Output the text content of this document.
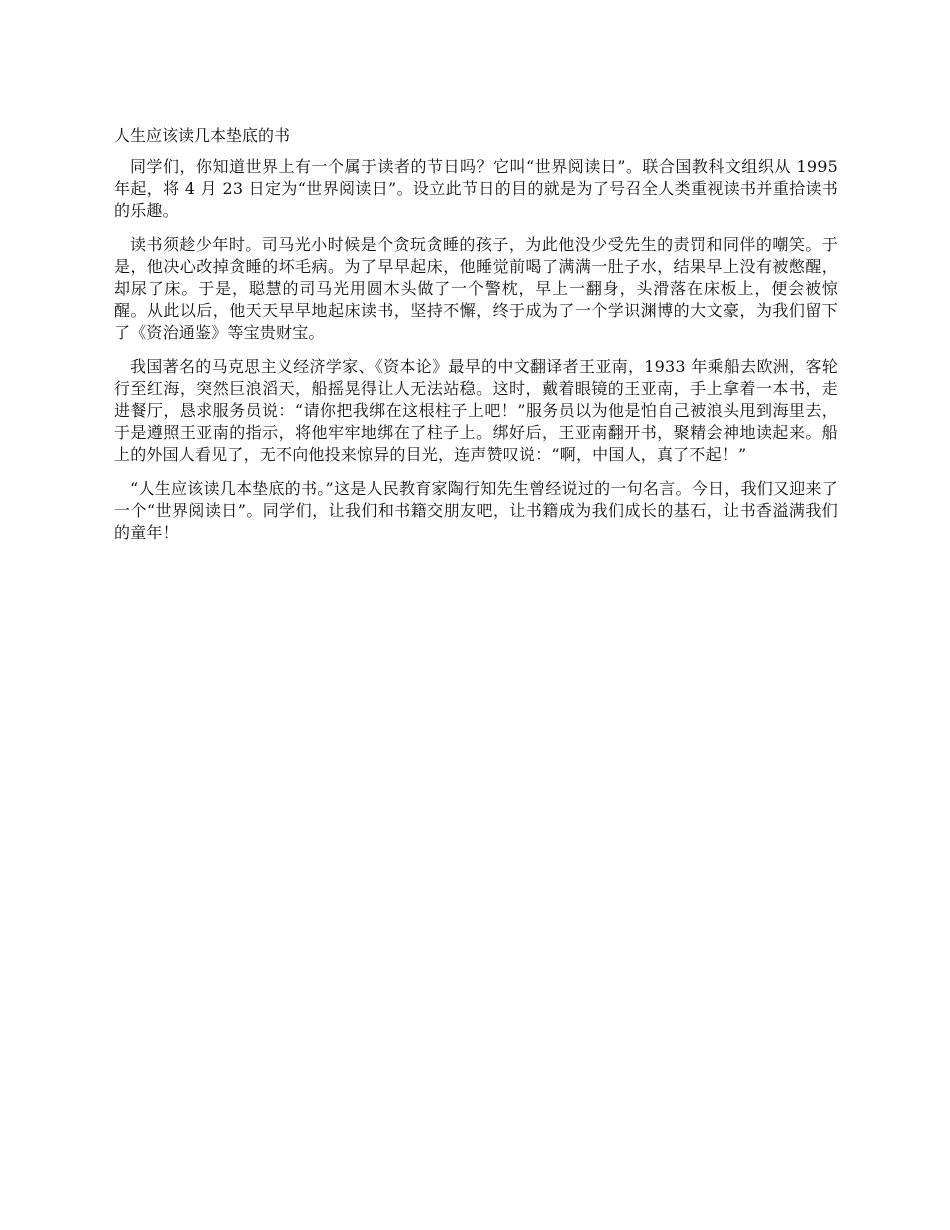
人生应该读几本垫底的书

同学们，你知道世界上有一个属于读者的节日吗？它叫“世界阅读日”。联合国教科文组织从 1995 年起，将 4 月 23 日定为“世界阅读日”。设立此节日的目的就是为了号召全人类重视读书并重拾读书的乐趣。

读书须趁少年时。司马光小时候是个贪玩贪睡的孩子，为此他没少受先生的责罚和同伴的嘲笑。于是，他决心改掉贪睡的坏毛病。为了早早起床，他睡觉前喝了满满一肚子水，结果早上没有被憋醒，却尿了床。于是，聪慧的司马光用圆木头做了一个警枕，早上一翻身，头滑落在床板上，便会被惊醒。从此以后，他天天早早地起床读书，坚持不懈，终于成为了一个学识渊博的大文豪，为我们留下了《资治通鉴》等宝贵财宝。

我国著名的马克思主义经济学家、《资本论》最早的中文翻译者王亚南，1933 年乘船去欧洲，客轮行至红海，突然巨浪滔天，船摇晃得让人无法站稳。这时，戴着眼镜的王亚南，手上拿着一本书，走进餐厅，恳求服务员说：“请你把我绑在这根柱子上吧！”服务员以为他是怕自己被浪头甩到海里去，于是遵照王亚南的指示，将他牢牢地绑在了柱子上。绑好后，王亚南翻开书，聚精会神地读起来。船上的外国人看见了，无不向他投来惊异的目光，连声赞叹说：“啊，中国人，真了不起！”

“人生应该读几本垫底的书。”这是人民教育家陶行知先生曾经说过的一句名言。今日，我们又迎来了一个“世界阅读日”。同学们，让我们和书籍交朋友吧，让书籍成为我们成长的基石，让书香溢满我们的童年！
